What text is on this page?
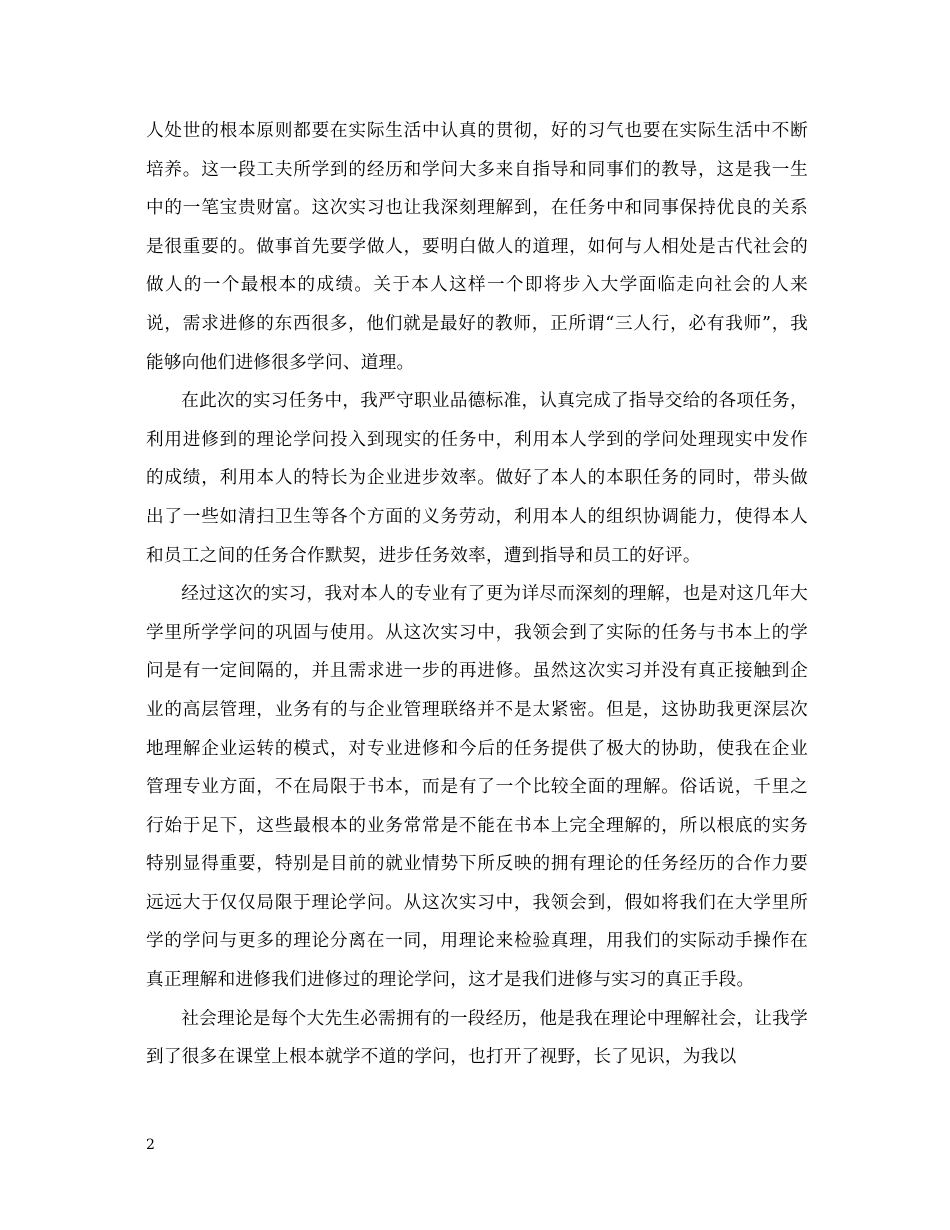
人处世的根本原则都要在实际生活中认真的贯彻，好的习气也要在实际生活中不断培养。这一段工夫所学到的经历和学问大多来自指导和同事们的教导，这是我一生中的一笔宝贵财富。这次实习也让我深刻理解到，在任务中和同事保持优良的关系是很重要的。做事首先要学做人，要明白做人的道理，如何与人相处是古代社会的做人的一个最根本的成绩。关于本人这样一个即将步入大学面临走向社会的人来说，需求进修的东西很多，他们就是最好的教师，正所谓“三人行，必有我师”，我能够向他们进修很多学问、道理。

在此次的实习任务中，我严守职业品德标准，认真完成了指导交给的各项任务，利用进修到的理论学问投入到现实的任务中，利用本人学到的学问处理现实中发作的成绩，利用本人的特长为企业进步效率。做好了本人的本职任务的同时，带头做出了一些如清扫卫生等各个方面的义务劳动，利用本人的组织协调能力，使得本人和员工之间的任务合作默契，进步任务效率，遭到指导和员工的好评。

经过这次的实习，我对本人的专业有了更为详尽而深刻的理解，也是对这几年大学里所学学问的巩固与使用。从这次实习中，我领会到了实际的任务与书本上的学问是有一定间隔的，并且需求进一步的再进修。虽然这次实习并没有真正接触到企业的高层管理，业务有的与企业管理联络并不是太紧密。但是，这协助我更深层次地理解企业运转的模式，对专业进修和今后的任务提供了极大的协助，使我在企业管理专业方面，不在局限于书本，而是有了一个比较全面的理解。俗话说，千里之行始于足下，这些最根本的业务常常是不能在书本上完全理解的，所以根底的实务特别显得重要，特别是目前的就业情势下所反映的拥有理论的任务经历的合作力要远远大于仅仅局限于理论学问。从这次实习中，我领会到，假如将我们在大学里所学的学问与更多的理论分离在一同，用理论来检验真理，用我们的实际动手操作在真正理解和进修我们进修过的理论学问，这才是我们进修与实习的真正手段。

社会理论是每个大先生必需拥有的一段经历，他是我在理论中理解社会，让我学到了很多在课堂上根本就学不道的学问，也打开了视野，长了见识，为我以

2
